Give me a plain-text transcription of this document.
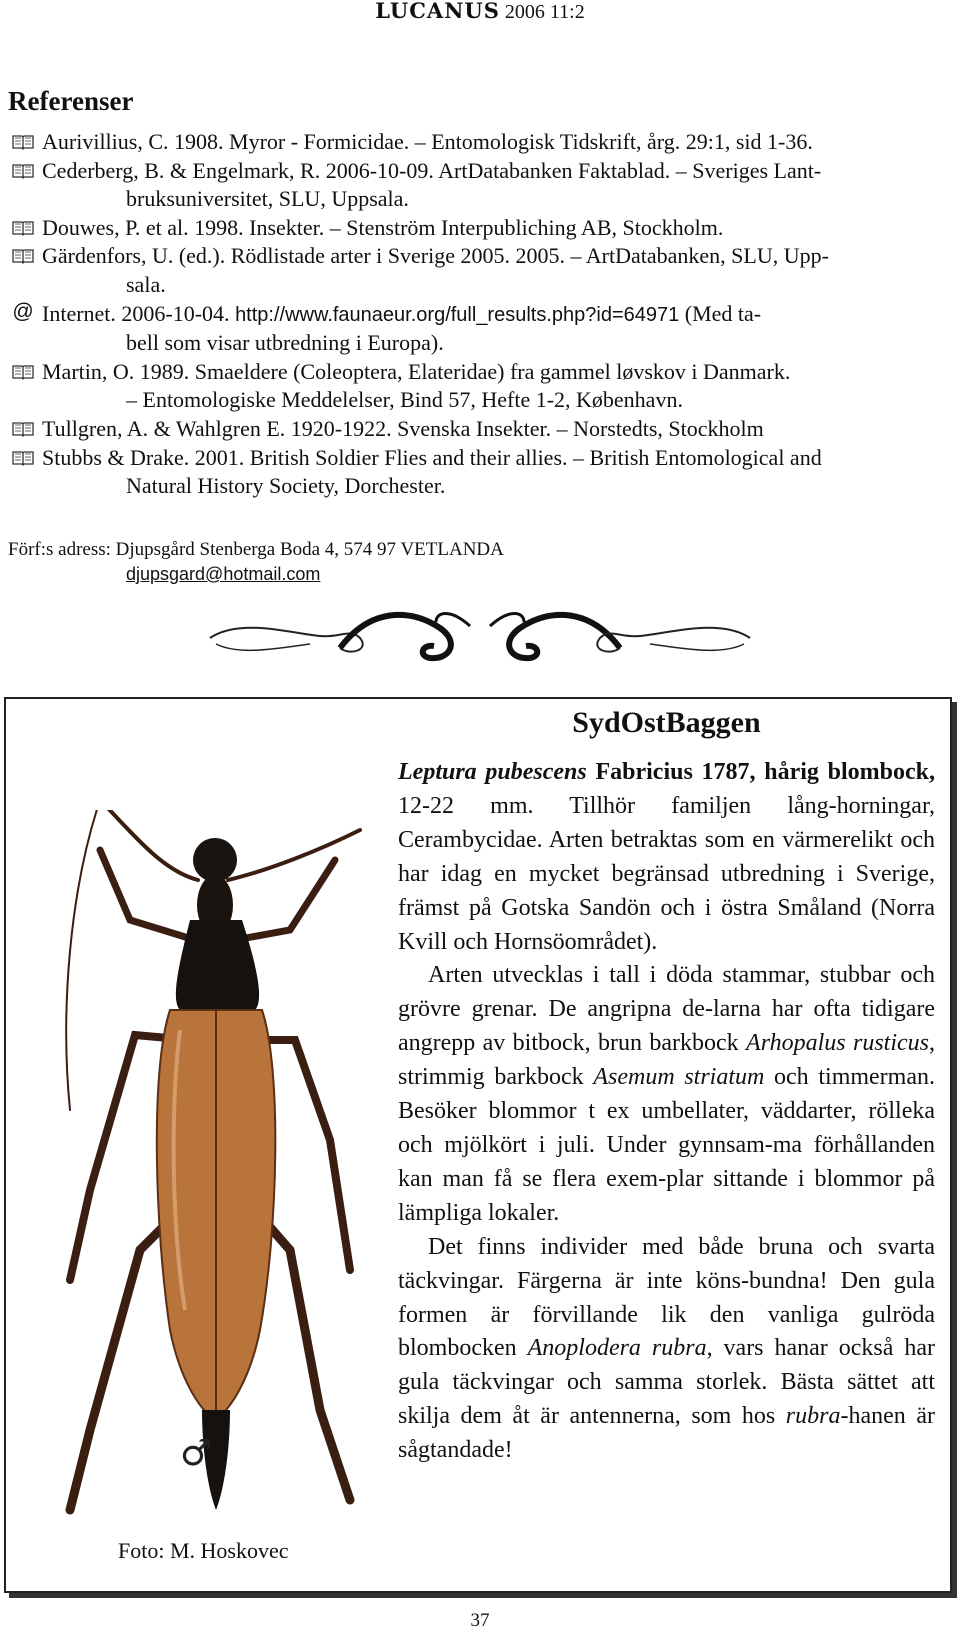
LUCANUS 2006 11:2
Referenser
Aurivillius, C. 1908. Myror - Formicidae. – Entomologisk Tidskrift, årg. 29:1, sid 1-36.
Cederberg, B. & Engelmark, R. 2006-10-09. ArtDatabanken Faktablad. – Sveriges Lant-
bruksuniversitet, SLU, Uppsala.
Douwes, P. et al. 1998. Insekter. – Stenström Interpubliching AB, Stockholm.
Gärdenfors, U. (ed.). Rödlistade arter i Sverige 2005. 2005. – ArtDatabanken, SLU, Upp-
sala.
@ Internet. 2006-10-04. http://www.faunaeur.org/full_results.php?id=64971 (Med ta-
bell som visar utbredning i Europa).
Martin, O. 1989. Smaeldere (Coleoptera, Elateridae) fra gammel løvskov i Danmark.
– Entomologiske Meddelelser, Bind 57, Hefte 1-2, København.
Tullgren, A. & Wahlgren E. 1920-1922. Svenska Insekter. – Norstedts, Stockholm
Stubbs & Drake. 2001. British Soldier Flies and their allies. – British Entomological and
Natural History Society, Dorchester.
Förf:s adress: Djupsgård Stenberga Boda 4, 574 97 VETLANDA
djupsgard@hotmail.com
♂
Foto: M. Hoskovec
SydOstBaggen

Leptura pubescens Fabricius 1787, hårig blombock, 12-22 mm. Tillhör familjen lång-horningar, Cerambycidae. Arten betraktas som en värmerelikt och har idag en mycket begränsad utbredning i Sverige, främst på Gotska Sandön och i östra Småland (Norra Kvill och Hornsöområdet).

Arten utvecklas i tall i döda stammar, stubbar och grövre grenar. De angripna de-larna har ofta tidigare angrepp av bitbock, brun barkbock Arhopalus rusticus, strimmig barkbock Asemum striatum och timmerman. Besöker blommor t ex umbellater, väddarter, rölleka och mjölkört i juli. Under gynnsam-ma förhållanden kan man få se flera exem-plar sittande i blommor på lämpliga lokaler.

Det finns individer med både bruna och svarta täckvingar. Färgerna är inte köns-bundna! Den gula formen är förvillande lik den vanliga gulröda blombocken Anoplodera rubra, vars hanar också har gula täckvingar och samma storlek. Bästa sättet att skilja dem åt är antennerna, som hos rubra-hanen är sågtandade!

37
